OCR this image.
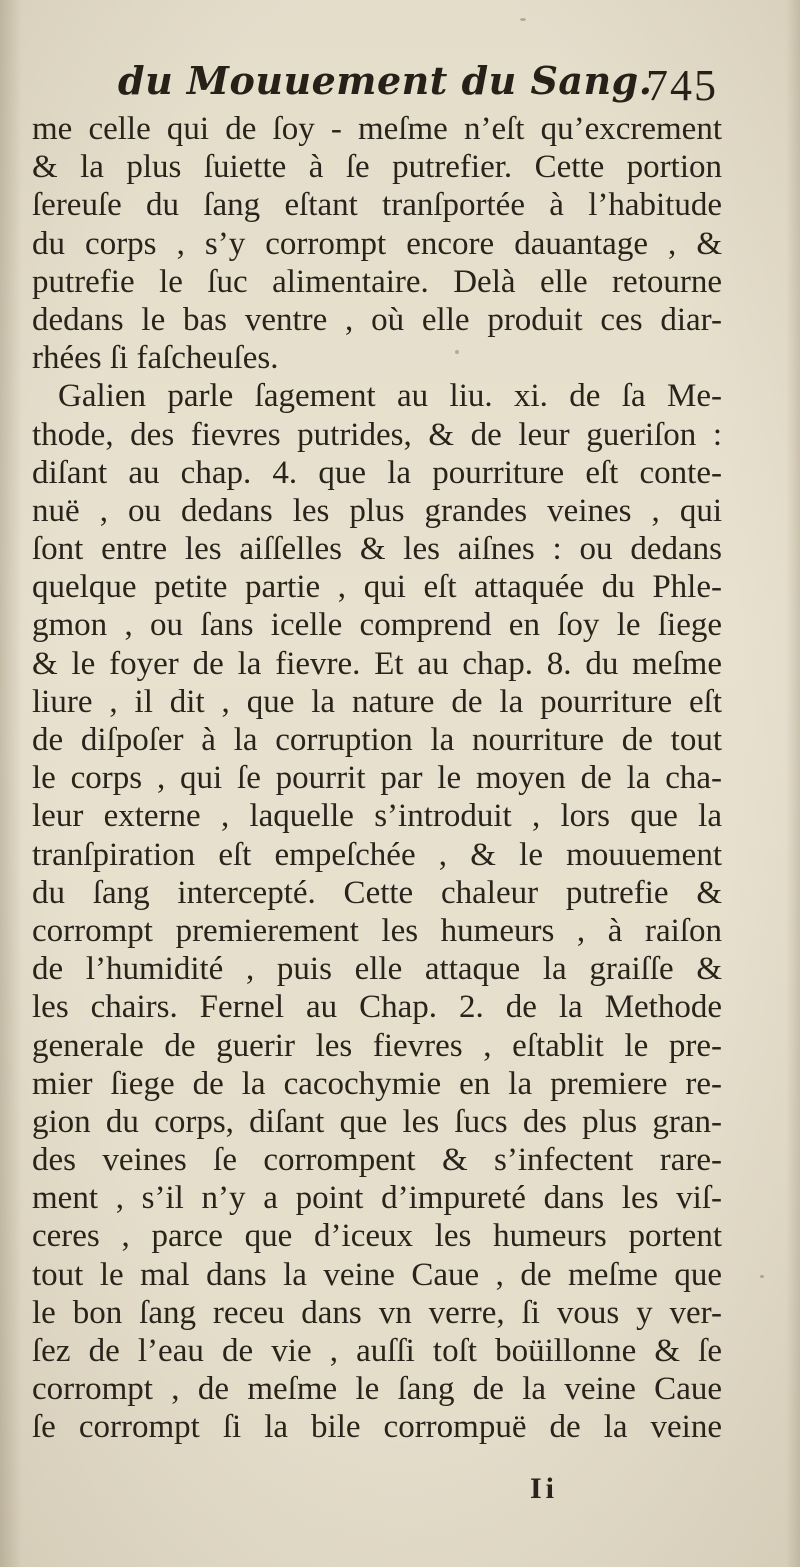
du Mouuement du Sang.
745
me celle qui de ſoy - meſme n’eſt qu’excrement
& la plus ſuiette à ſe putrefier. Cette portion
ſereuſe du ſang eſtant tranſportée à l’habitude
du corps , s’y corrompt encore dauantage , &
putrefie le ſuc alimentaire. Delà elle retourne
dedans le bas ventre , où elle produit ces diar-
rhées ſi faſcheuſes.
Galien parle ſagement au liu. xi. de ſa Me-
thode, des fievres putrides, & de leur gueriſon :
diſant au chap. 4. que la pourriture eſt conte-
nuë , ou dedans les plus grandes veines , qui
ſont entre les aiſſelles & les aiſnes : ou dedans
quelque petite partie , qui eſt attaquée du Phle-
gmon , ou ſans icelle comprend en ſoy le ſiege
& le foyer de la fievre. Et au chap. 8. du meſme
liure , il dit , que la nature de la pourriture eſt
de diſpoſer à la corruption la nourriture de tout
le corps , qui ſe pourrit par le moyen de la cha-
leur externe , laquelle s’introduit , lors que la
tranſpiration eſt empeſchée , & le mouuement
du ſang intercepté. Cette chaleur putrefie &
corrompt premierement les humeurs , à raiſon
de l’humidité , puis elle attaque la graiſſe &
les chairs. Fernel au Chap. 2. de la Methode
generale de guerir les fievres , eſtablit le pre-
mier ſiege de la cacochymie en la premiere re-
gion du corps, diſant que les ſucs des plus gran-
des veines ſe corrompent & s’infectent rare-
ment , s’il n’y a point d’impureté dans les viſ-
ceres , parce que d’iceux les humeurs portent
tout le mal dans la veine Caue , de meſme que
le bon ſang receu dans vn verre, ſi vous y ver-
ſez de l’eau de vie , auſſi toſt boüillonne & ſe
corrompt , de meſme le ſang de la veine Caue
ſe corrompt ſi la bile corrompuë de la veine
Ii
